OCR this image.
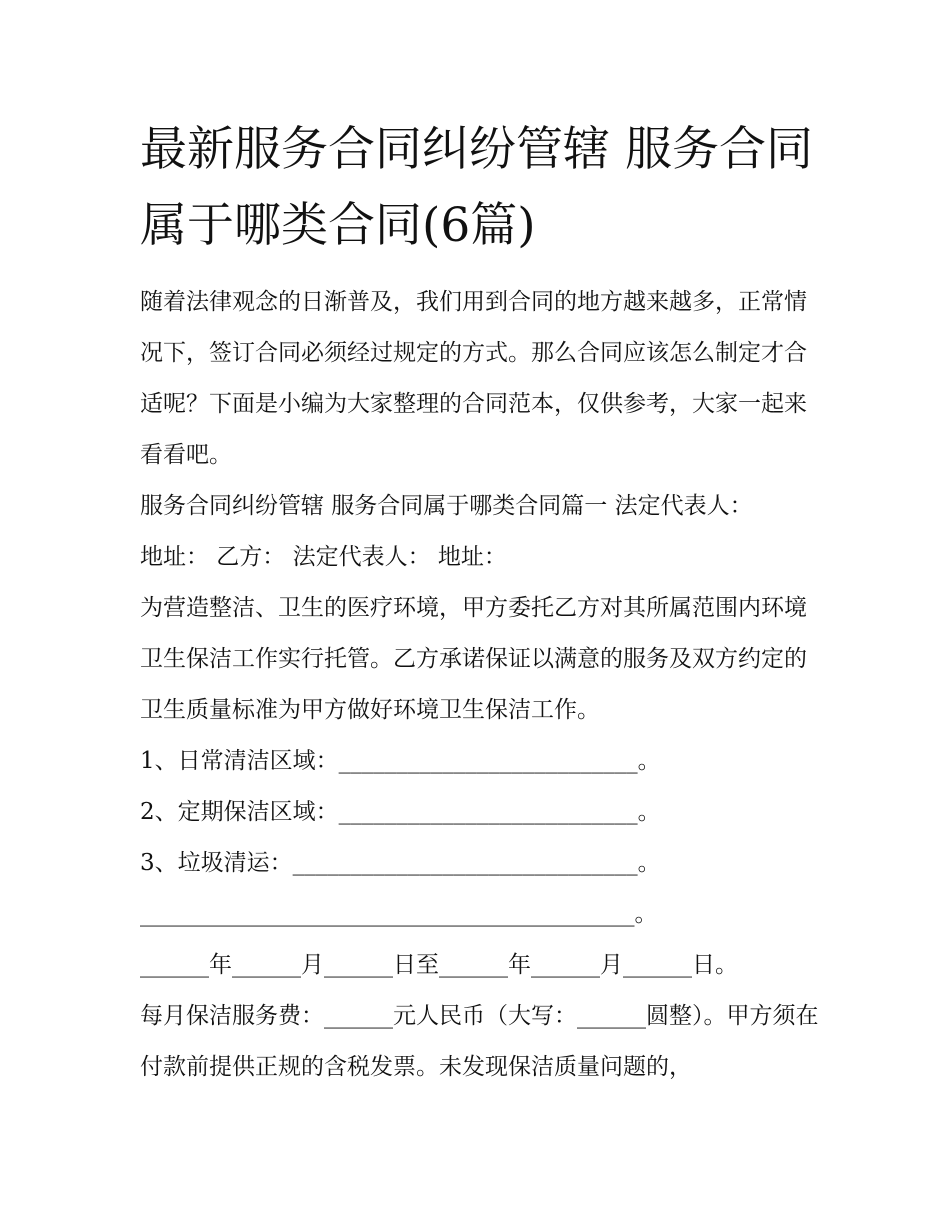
最新服务合同纠纷管辖 服务合同属于哪类合同(6篇)

随着法律观念的日渐普及，我们用到合同的地方越来越多，正常情况下，签订合同必须经过规定的方式。那么合同应该怎么制定才合适呢？下面是小编为大家整理的合同范本，仅供参考，大家一起来看看吧。

服务合同纠纷管辖 服务合同属于哪类合同篇一 法定代表人：

地址： 乙方： 法定代表人： 地址：

为营造整洁、卫生的医疗环境，甲方委托乙方对其所属范围内环境卫生保洁工作实行托管。乙方承诺保证以满意的服务及双方约定的卫生质量标准为甲方做好环境卫生保洁工作。

1、日常清洁区域：__________________________。

2、定期保洁区域：__________________________。

3、垃圾清运：______________________________。

___________________________________________。

______年______月______日至______年______月______日。

每月保洁服务费：______元人民币（大写：______圆整）。甲方须在付款前提供正规的含税发票。未发现保洁质量问题的，
